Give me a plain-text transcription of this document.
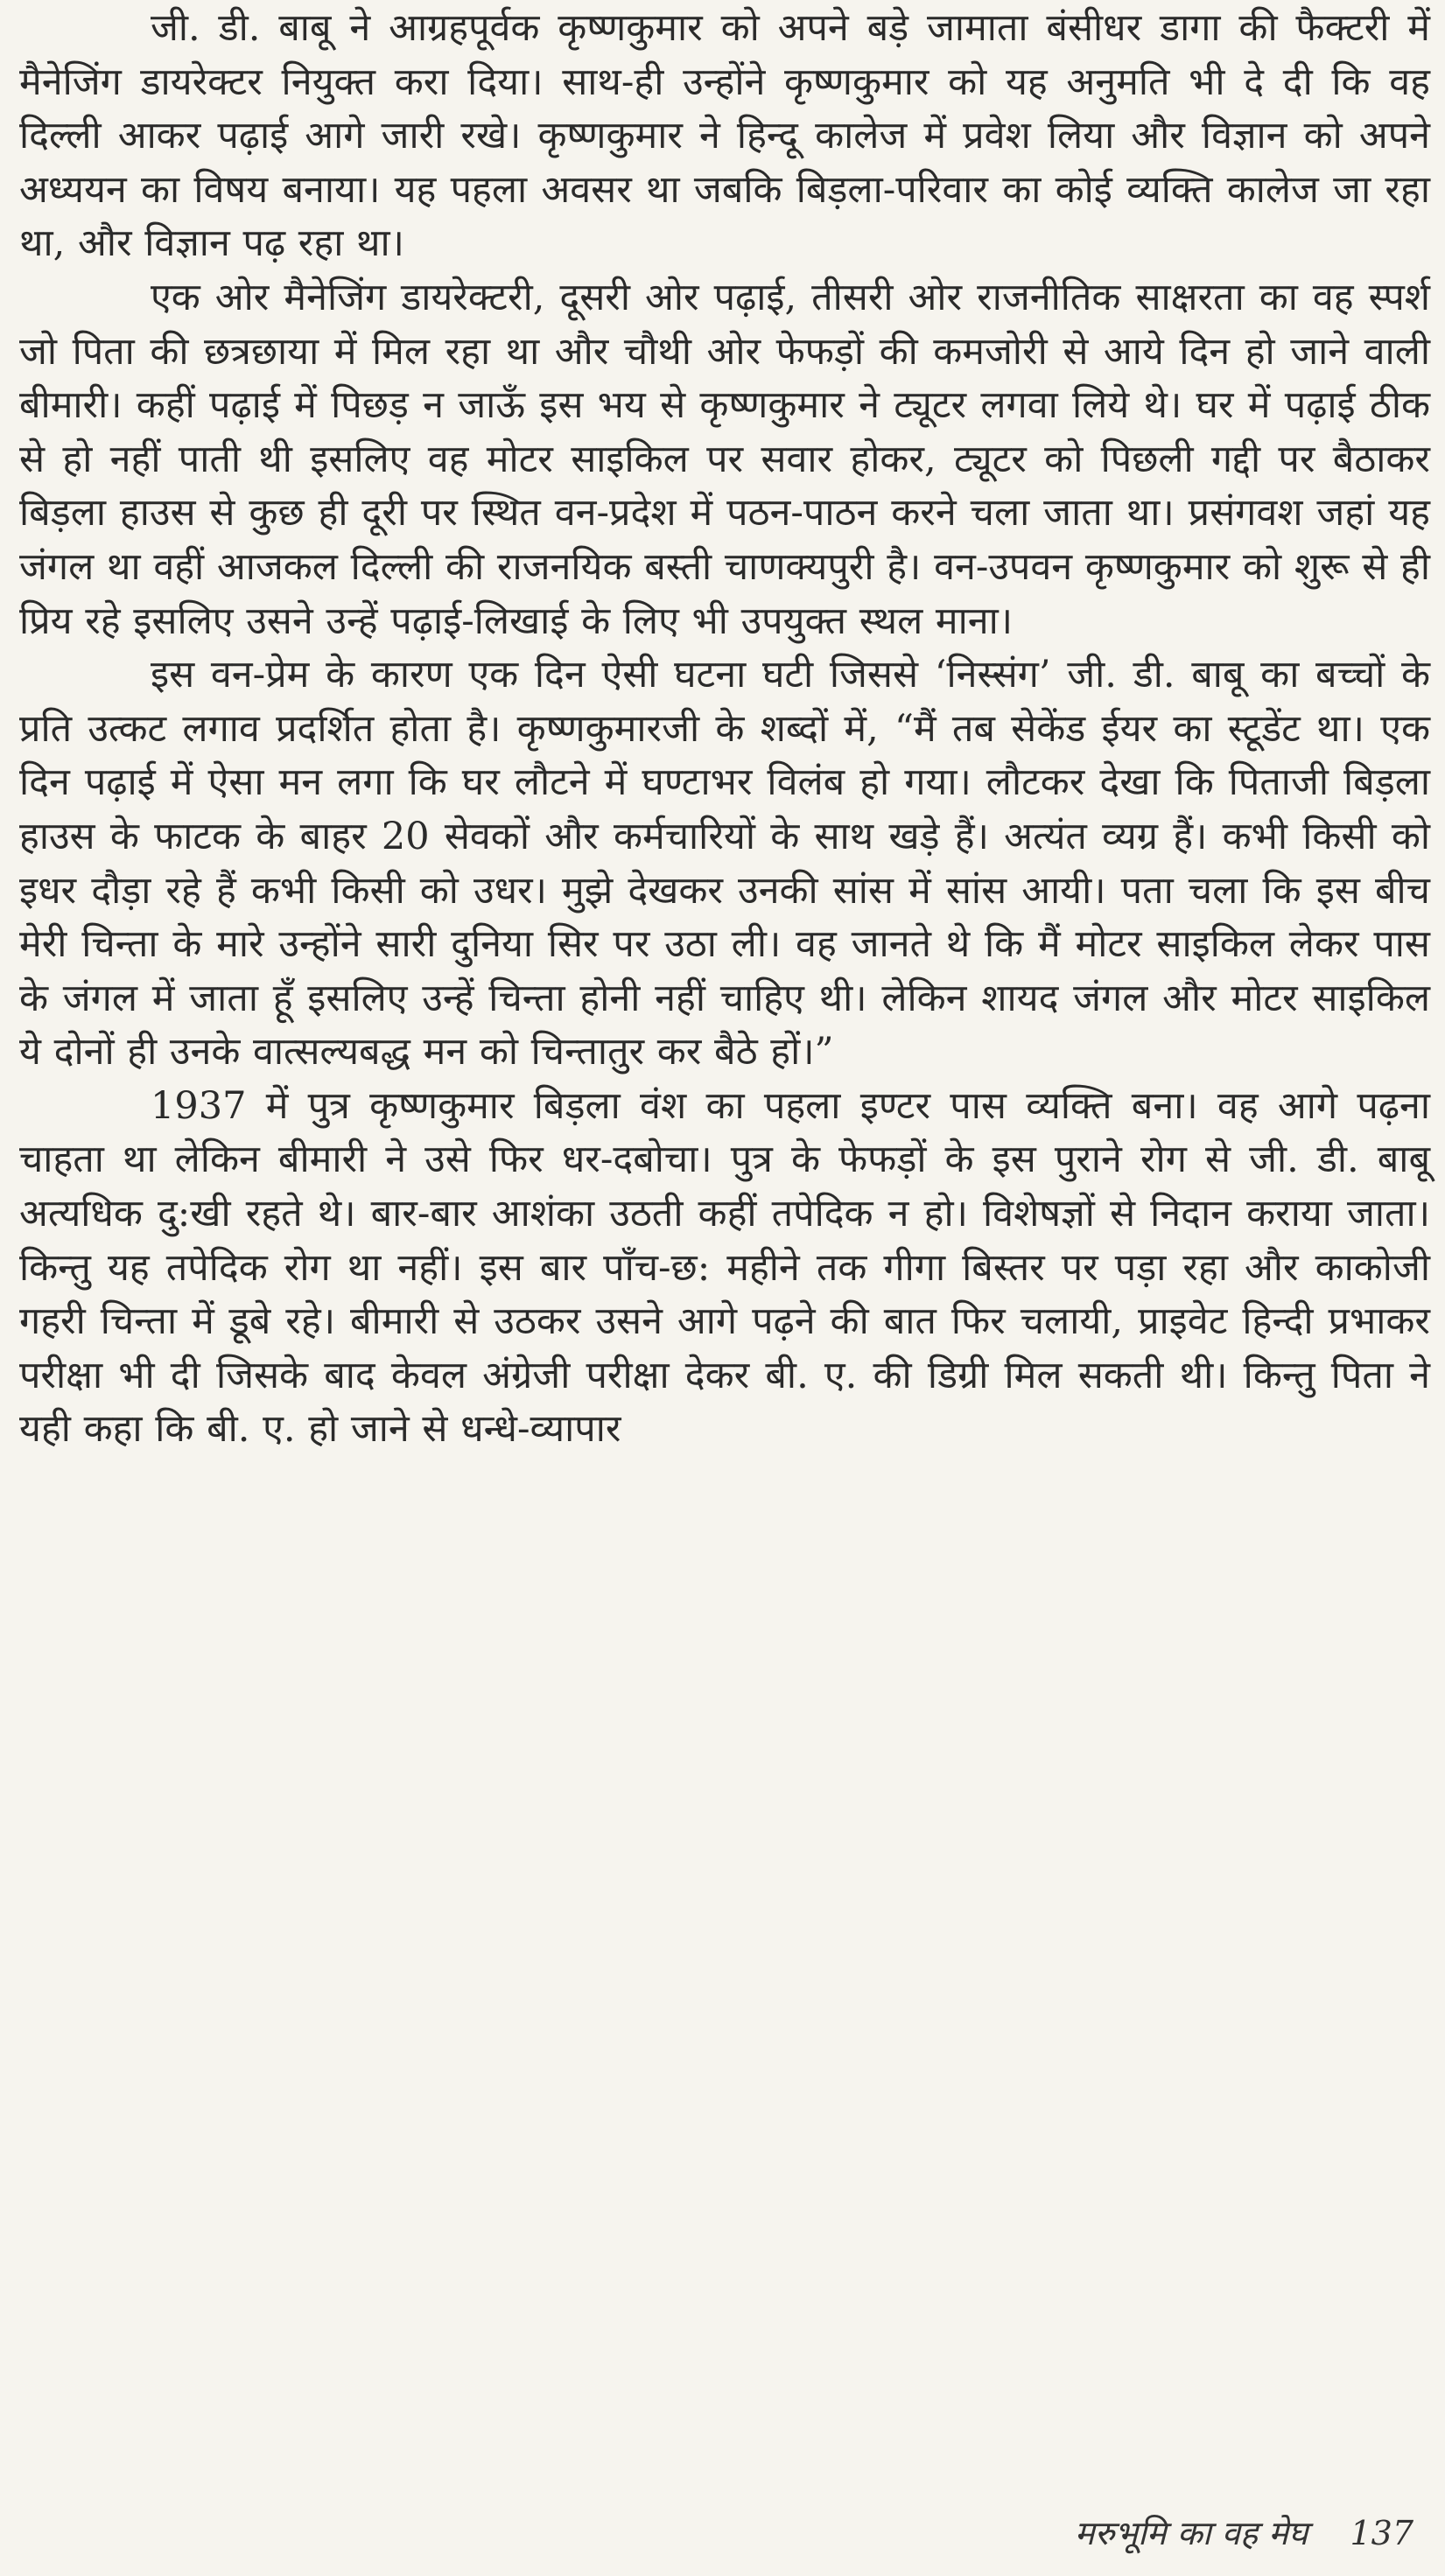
जी. डी. बाबू ने आग्रहपूर्वक कृष्णकुमार को अपने बड़े जामाता बंसीधर डागा की फैक्टरी में मैनेजिंग डायरेक्टर नियुक्त करा दिया। साथ-ही उन्होंने कृष्णकुमार को यह अनुमति भी दे दी कि वह दिल्ली आकर पढ़ाई आगे जारी रखे। कृष्णकुमार ने हिन्दू कालेज में प्रवेश लिया और विज्ञान को अपने अध्ययन का विषय बनाया। यह पहला अवसर था जबकि बिड़ला-परिवार का कोई व्यक्ति कालेज जा रहा था, और विज्ञान पढ़ रहा था।

एक ओर मैनेजिंग डायरेक्टरी, दूसरी ओर पढ़ाई, तीसरी ओर राजनीतिक साक्षरता का वह स्पर्श जो पिता की छत्रछाया में मिल रहा था और चौथी ओर फेफड़ों की कमजोरी से आये दिन हो जाने वाली बीमारी। कहीं पढ़ाई में पिछड़ न जाऊँ इस भय से कृष्णकुमार ने ट्यूटर लगवा लिये थे। घर में पढ़ाई ठीक से हो नहीं पाती थी इसलिए वह मोटर साइकिल पर सवार होकर, ट्यूटर को पिछली गद्दी पर बैठाकर बिड़ला हाउस से कुछ ही दूरी पर स्थित वन-प्रदेश में पठन-पाठन करने चला जाता था। प्रसंगवश जहां यह जंगल था वहीं आजकल दिल्ली की राजनयिक बस्ती चाणक्यपुरी है। वन-उपवन कृष्णकुमार को शुरू से ही प्रिय रहे इसलिए उसने उन्हें पढ़ाई-लिखाई के लिए भी उपयुक्त स्थल माना।

इस वन-प्रेम के कारण एक दिन ऐसी घटना घटी जिससे ‘निस्संग’ जी. डी. बाबू का बच्चों के प्रति उत्कट लगाव प्रदर्शित होता है। कृष्णकुमारजी के शब्दों में, “मैं तब सेकेंड ईयर का स्टूडेंट था। एक दिन पढ़ाई में ऐसा मन लगा कि घर लौटने में घण्टाभर विलंब हो गया। लौटकर देखा कि पिताजी बिड़ला हाउस के फाटक के बाहर 20 सेवकों और कर्मचारियों के साथ खड़े हैं। अत्यंत व्यग्र हैं। कभी किसी को इधर दौड़ा रहे हैं कभी किसी को उधर। मुझे देखकर उनकी सांस में सांस आयी। पता चला कि इस बीच मेरी चिन्ता के मारे उन्होंने सारी दुनिया सिर पर उठा ली। वह जानते थे कि मैं मोटर साइकिल लेकर पास के जंगल में जाता हूँ इसलिए उन्हें चिन्ता होनी नहीं चाहिए थी। लेकिन शायद जंगल और मोटर साइकिल ये दोनों ही उनके वात्सल्यबद्ध मन को चिन्तातुर कर बैठे हों।”

1937 में पुत्र कृष्णकुमार बिड़ला वंश का पहला इण्टर पास व्यक्ति बना। वह आगे पढ़ना चाहता था लेकिन बीमारी ने उसे फिर धर-दबोचा। पुत्र के फेफड़ों के इस पुराने रोग से जी. डी. बाबू अत्यधिक दु:खी रहते थे। बार-बार आशंका उठती कहीं तपेदिक न हो। विशेषज्ञों से निदान कराया जाता। किन्तु यह तपेदिक रोग था नहीं। इस बार पाँच-छ: महीने तक गीगा बिस्तर पर पड़ा रहा और काकोजी गहरी चिन्ता में डूबे रहे। बीमारी से उठकर उसने आगे पढ़ने की बात फिर चलायी, प्राइवेट हिन्दी प्रभाकर परीक्षा भी दी जिसके बाद केवल अंग्रेजी परीक्षा देकर बी. ए. की डिग्री मिल सकती थी। किन्तु पिता ने यही कहा कि बी. ए. हो जाने से धन्धे-व्यापार

मरुभूमि का वह मेघ 137
